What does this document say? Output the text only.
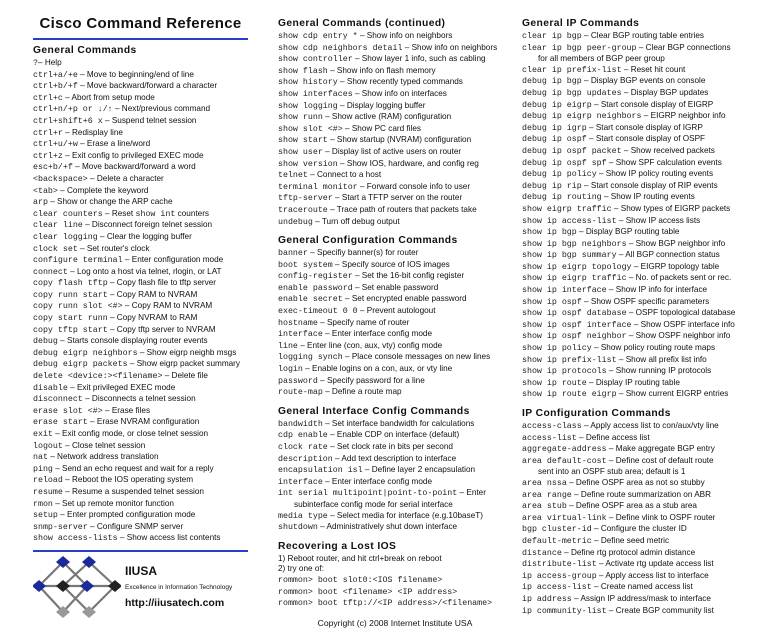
Cisco Command Reference
General Commands
?– Help
ctrl+a/+e – Move to beginning/end of line
ctrl+b/+f – Move backward/forward a character
ctrl+c – Abort from setup mode
ctrl+n/+p or ↓/↑ – Next/previous command
ctrl+shift+6 x – Suspend telnet session
ctrl+r – Redisplay line
ctrl+u/+w – Erase a line/word
ctrl+z – Exit config to privileged EXEC mode
esc+b/+f – Move backward/forward a word
<backspace> – Delete a character
<tab> – Complete the keyword
arp – Show or change the ARP cache
clear counters – Reset show int counters
clear line – Disconnect foreign telnet session
clear logging – Clear the logging buffer
clock set – Set router's clock
configure terminal – Enter configuration mode
connect – Log onto a host via telnet, rlogin, or LAT
copy flash tftp – Copy flash file to tftp server
copy runn start – Copy RAM to NVRAM
copy runn slot <#> – Copy RAM to NVRAM
copy start runn – Copy NVRAM to RAM
copy tftp start – Copy tftp server to NVRAM
debug – Starts console displaying router events
debug eigrp neighbors – Show eigrp neighb msgs
debug eigrp packets – Show eigrp packet summary
delete <device:><filename> – Delete file
disable – Exit privileged EXEC mode
disconnect – Disconnects a telnet session
erase slot <#> – Erase files
erase start – Erase NVRAM configuration
exit – Exit config mode, or close telnet session
logout – Close telnet session
nat – Network address translation
ping – Send an echo request and wait for a reply
reload – Reboot the IOS operating system
resume – Resume a suspended telnet session
rmon – Set up remote monitor function
setup – Enter prompted configuration mode
snmp-server – Configure SNMP server
show access-lists – Show access list contents
IIUSA
Excellence in Information Technology
http://iiusatech.com
General Commands (continued)
show cdp entry * – Show info on neighbors
show cdp neighbors detail – Show info on neighbors
show controller – Show layer 1 info, such as cabling
show flash – Show info on flash memory
show history – Show recently typed commands
show interfaces – Show info on interfaces
show logging – Display logging buffer
show runn – Show active (RAM) configuration
show slot <#> – Show PC card files
show start – Show startup (NVRAM) configuration
show user – Display list of active users on router
show version – Show IOS, hardware, and config reg
telnet – Connect to a host
terminal monitor – Forward console info to user
tftp-server – Start a TFTP server on the router
traceroute – Trace path of routers that packets take
undebug – Turn off debug output
General Configuration Commands
banner – Specifiy banner(s) for router
boot system – Specify source of IOS images
config-register – Set the 16-bit config register
enable password – Set enable password
enable secret – Set encrypted enable password
exec-timeout 0 0 – Prevent autologout
hostname – Specify name of router
interface – Enter interface config mode
line – Enter line (con, aux, vty) config mode
logging synch – Place console messages on new lines
login – Enable logins on a con, aux, or vty line
password – Specify password for a line
route-map – Define a route map
General Interface Config Commands
bandwidth – Set interface bandwidth for calculations
cdp enable – Enable CDP on interface (default)
clock rate – Set clock rate in bits per second
description – Add text description to interface
encapsulation isl – Define layer 2 encapsulation
interface – Enter interface config mode
int serial multipoint|point-to-point – Enter
subinterface config mode for serial interface
media type – Select media for interface (e.g.10baseT)
shutdown – Administratively shut down interface
Recovering a Lost IOS
1) Reboot router, and hit ctrl+break on reboot
2) try one of:
rommon> boot slot0:<IOS filename>
rommon> boot <filename> <IP address>
rommon> boot tftp://<IP address>/<filename>
Copyright (c) 2008 Internet Institute USA
General IP Commands
clear ip bgp – Clear BGP routing table entries
clear ip bgp peer-group – Clear BGP connections
for all members of BGP peer group
clear ip prefix-list – Reset hit count
debug ip bgp – Display BGP events on console
debug ip bgp updates – Display BGP updates
debug ip eigrp – Start console display of EIGRP
debug ip eigrp neighbors – EIGRP neighbor info
debug ip igrp – Start console display of IGRP
debug ip ospf – Start console display of OSPF
debug ip ospf packet – Show received packets
debug ip ospf spf – Show SPF calculation events
debug ip policy – Show IP policy routing events
debug ip rip – Start console display of RIP events
debug ip routing – Show IP routing events
show eigrp traffic – Show types of EIGRP packets
show ip access-list – Show IP access lists
show ip bgp – Display BGP routing table
show ip bgp neighbors – Show BGP neighbor info
show ip bgp summary – All BGP connection status
show ip eigrp topology – EIGRP topology table
show ip eigrp traffic – No. of packets sent or rec.
show ip interface – Show IP info for interface
show ip ospf – Show OSPF specific parameters
show ip ospf database – OSPF topological database
show ip ospf interface – Show OSPF interface info
show ip ospf neighbor – Show OSPF neighbor info
show ip policy – Show policy routing route maps
show ip prefix-list – Show all prefix list info
show ip protocols – Show running IP protocols
show ip route – Display IP routing table
show ip route eigrp – Show current EIGRP entries
IP Configuration Commands
access-class – Apply access list to con/aux/vty line
access-list – Define access list
aggregate-address – Make aggregate BGP entry
area default-cost – Define cost of default route
sent into an OSPF stub area; default is 1
area nssa – Define OSPF area as not so stubby
area range – Define route summarization on ABR
area stub – Define OSPF area as a stub area
area virtual-link – Define vlink to OSPF router
bgp cluster-id – Configure the cluster ID
default-metric – Define seed metric
distance – Define rtg protocol admin distance
distribute-list – Activate rtg update access list
ip access-group – Apply access list to interface
ip access-list – Create named access list
ip address – Assign IP address/mask to interface
ip community-list – Create BGP community list
